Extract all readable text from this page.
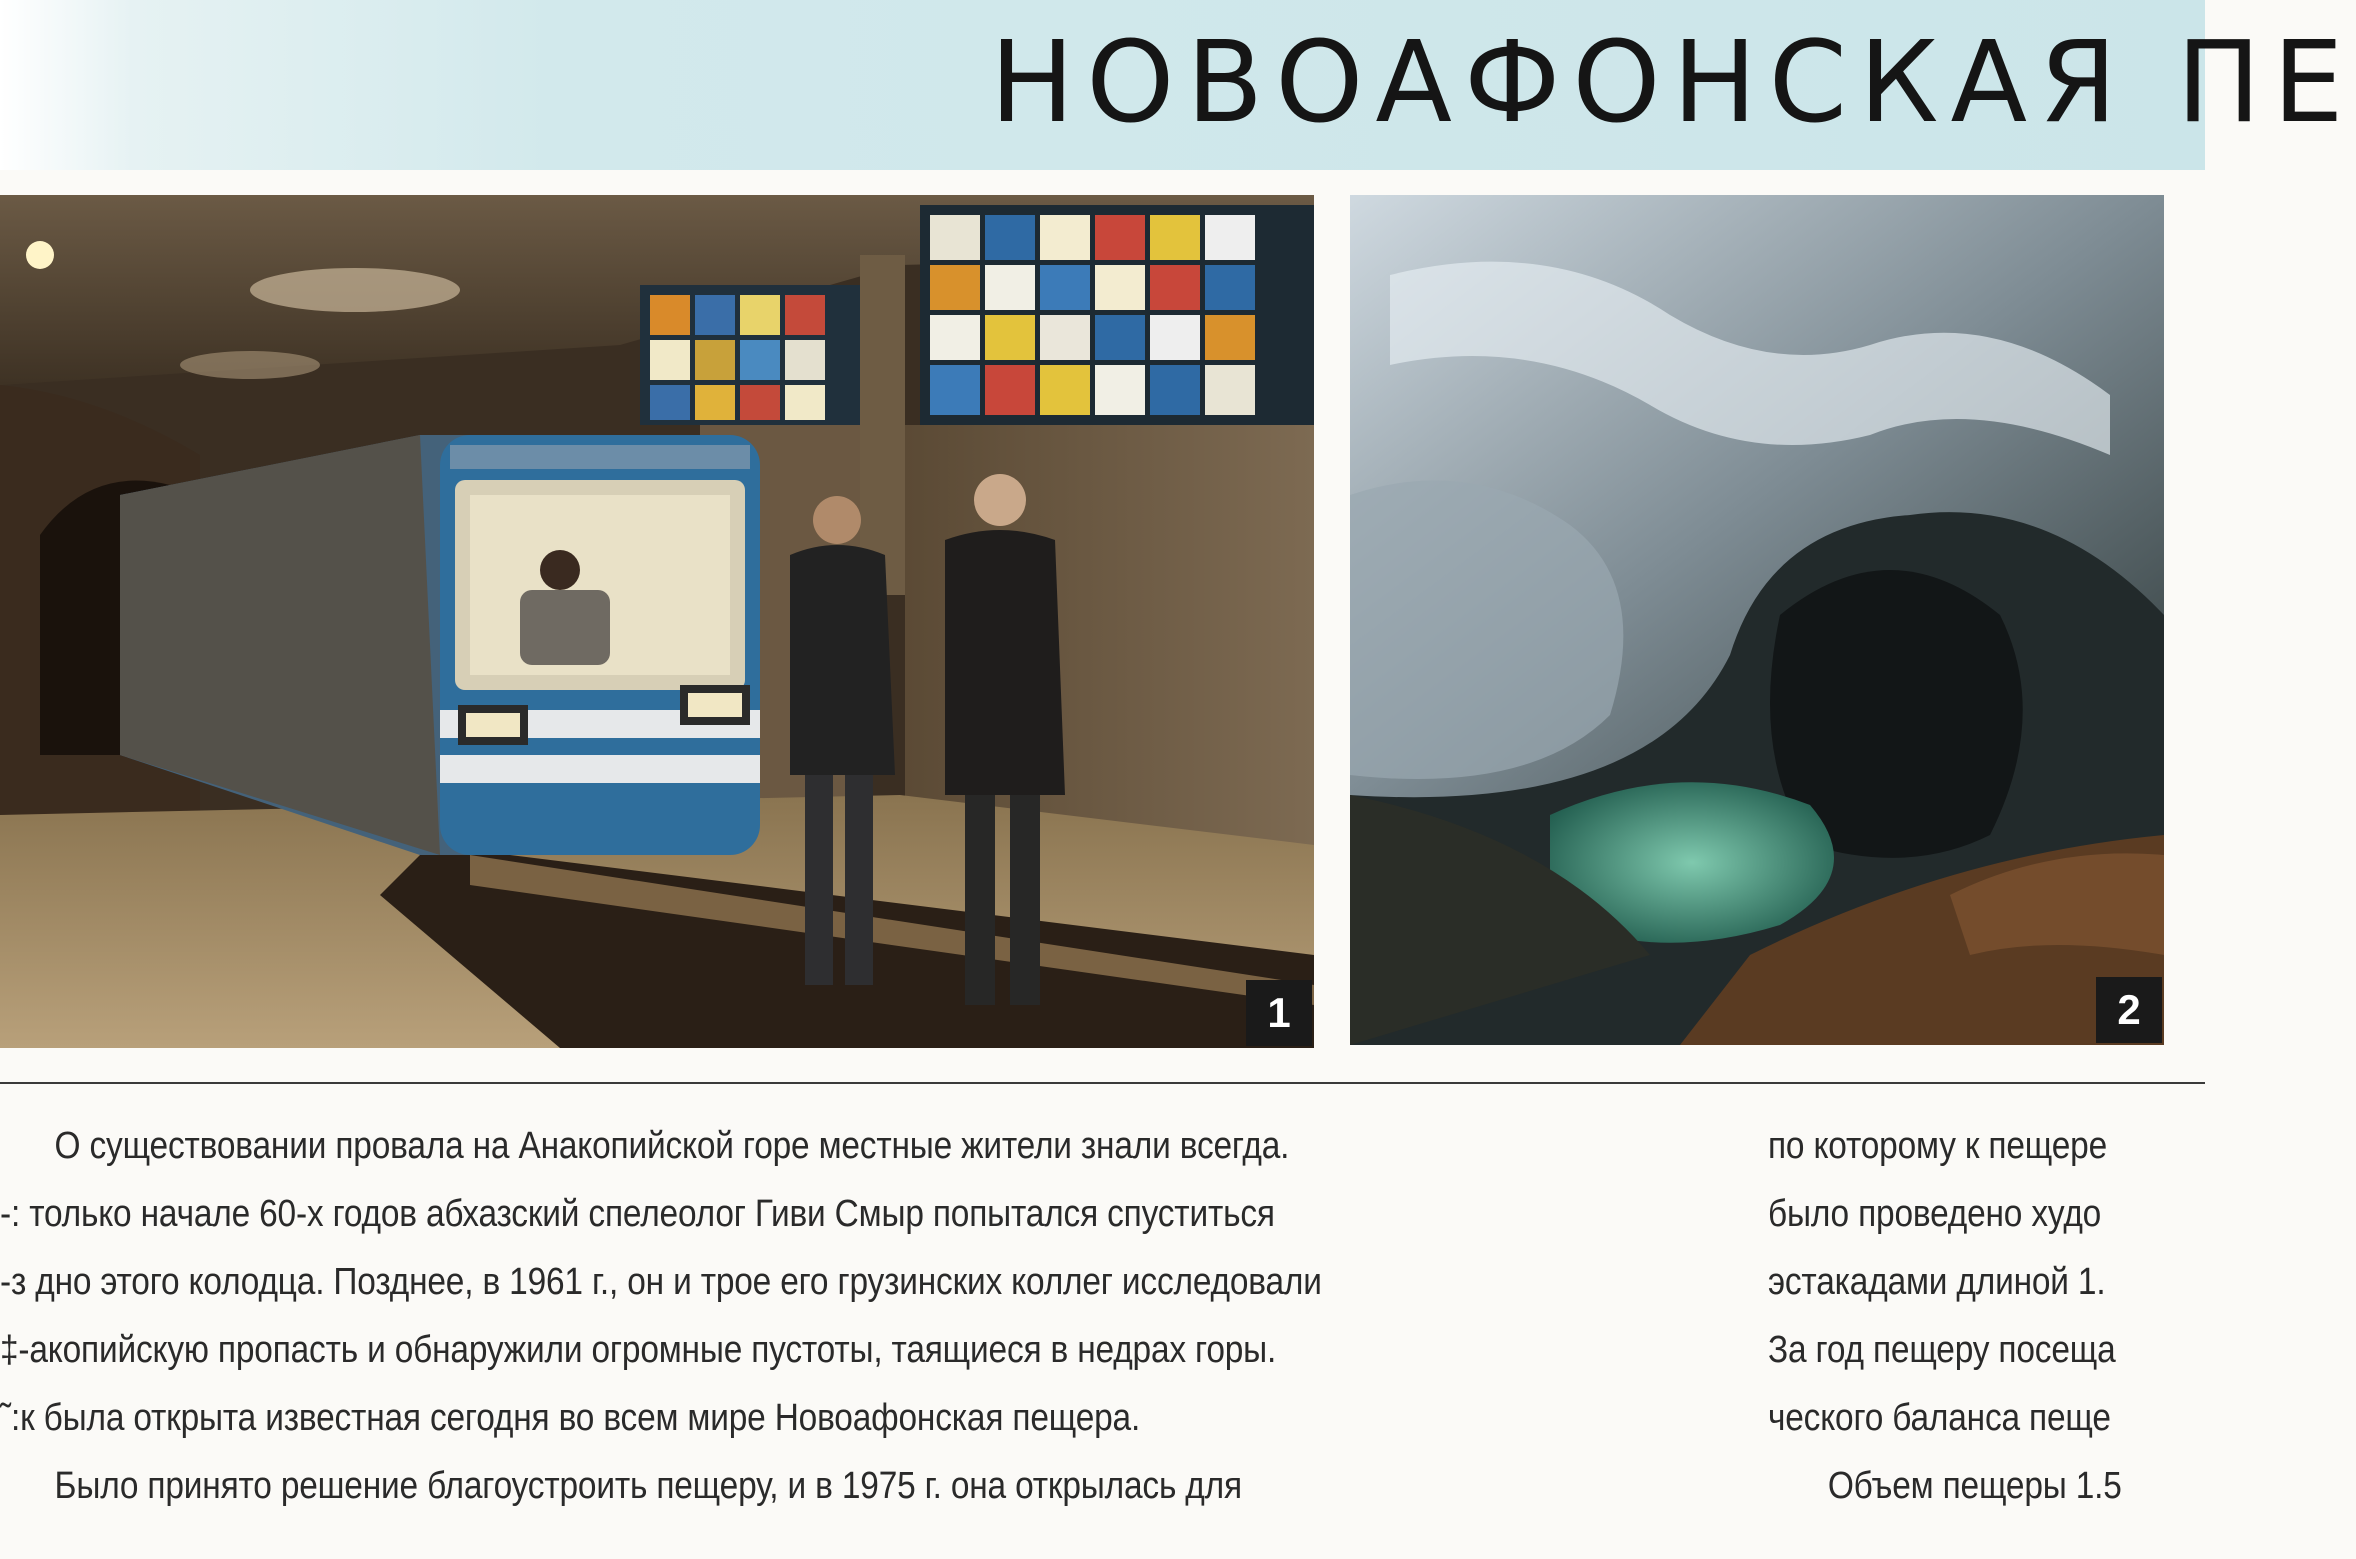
НОВОАФОНСКАЯ ПЕ
1	2
О существовании провала на Анакопийской горе местные жители знали всегда.
-: только начале 60-х годов абхазский спелеолог Гиви Смыр попытался спуститься
-з дно этого колодца. Позднее, в 1961 г., он и трое его грузинских коллег исследовали
‡-акопийскую пропасть и обнаружили огромные пустоты, таящиеся в недрах горы.
˜:к была открыта известная сегодня во всем мире Новоафонская пещера.
Было принято решение благоустроить пещеру, и в 1975 г. она открылась для
по которому к пещере
было проведено худо
эстакадами длиной 1.
За год пещеру посеща
ческого баланса пеще
Объем пещеры 1.5
